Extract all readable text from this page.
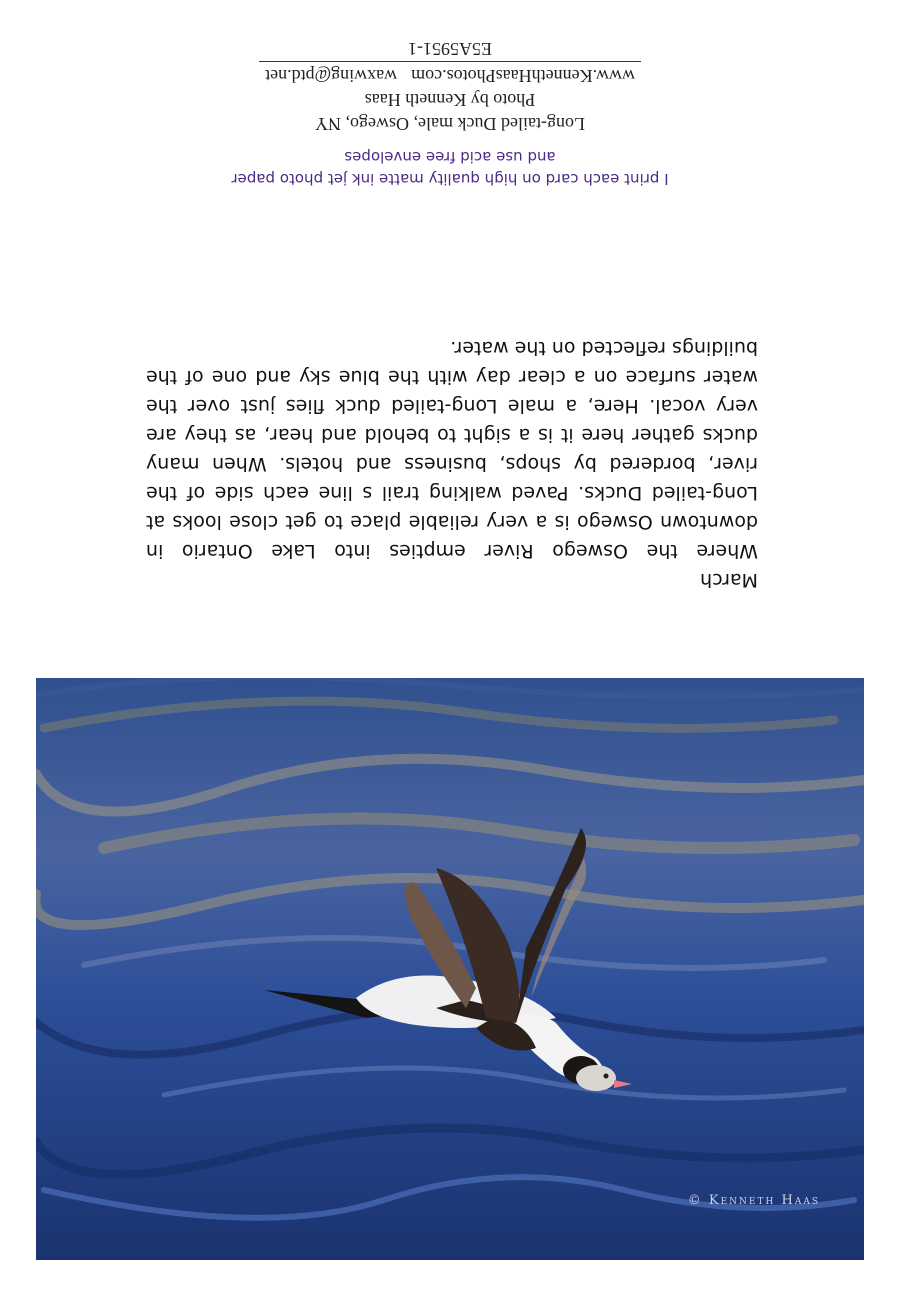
© Kenneth Haas
March
Where the Oswego River empties into Lake Ontario in downtown Oswego is a very reliable place to get close looks at Long-tailed Ducks. Paved walking trail s line each side of the river, bordered by shops, business and hotels. When many ducks gather here it is a sight to behold and hear, as they are very vocal. Here, a male Long-tailed duck flies just over the water surface on a clear day with the blue sky and one of the buildings reflected on the water.
I print each card on high quality matte ink jet photo paper
and use acid free envelopes
Long-tailed Duck male, Oswego, NY
Photo by Kenneth Haas
www.KennethHaasPhotos.comwaxwing@ptd.net
E5A5951-1
